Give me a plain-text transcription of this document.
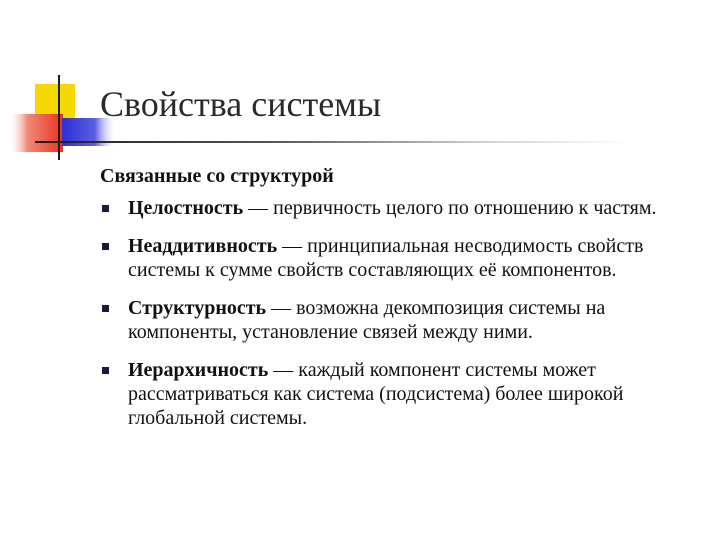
Свойства системы
Связанные со структурой
Целостность — первичность целого по отношению к частям.
Неаддитивность — принципиальная несводимость свойств системы к сумме свойств составляющих её компонентов.
Структурность — возможна декомпозиция системы на компоненты, установление связей между ними.
Иерархичность — каждый компонент системы может рассматриваться как система (подсистема) более широкой глобальной системы.
